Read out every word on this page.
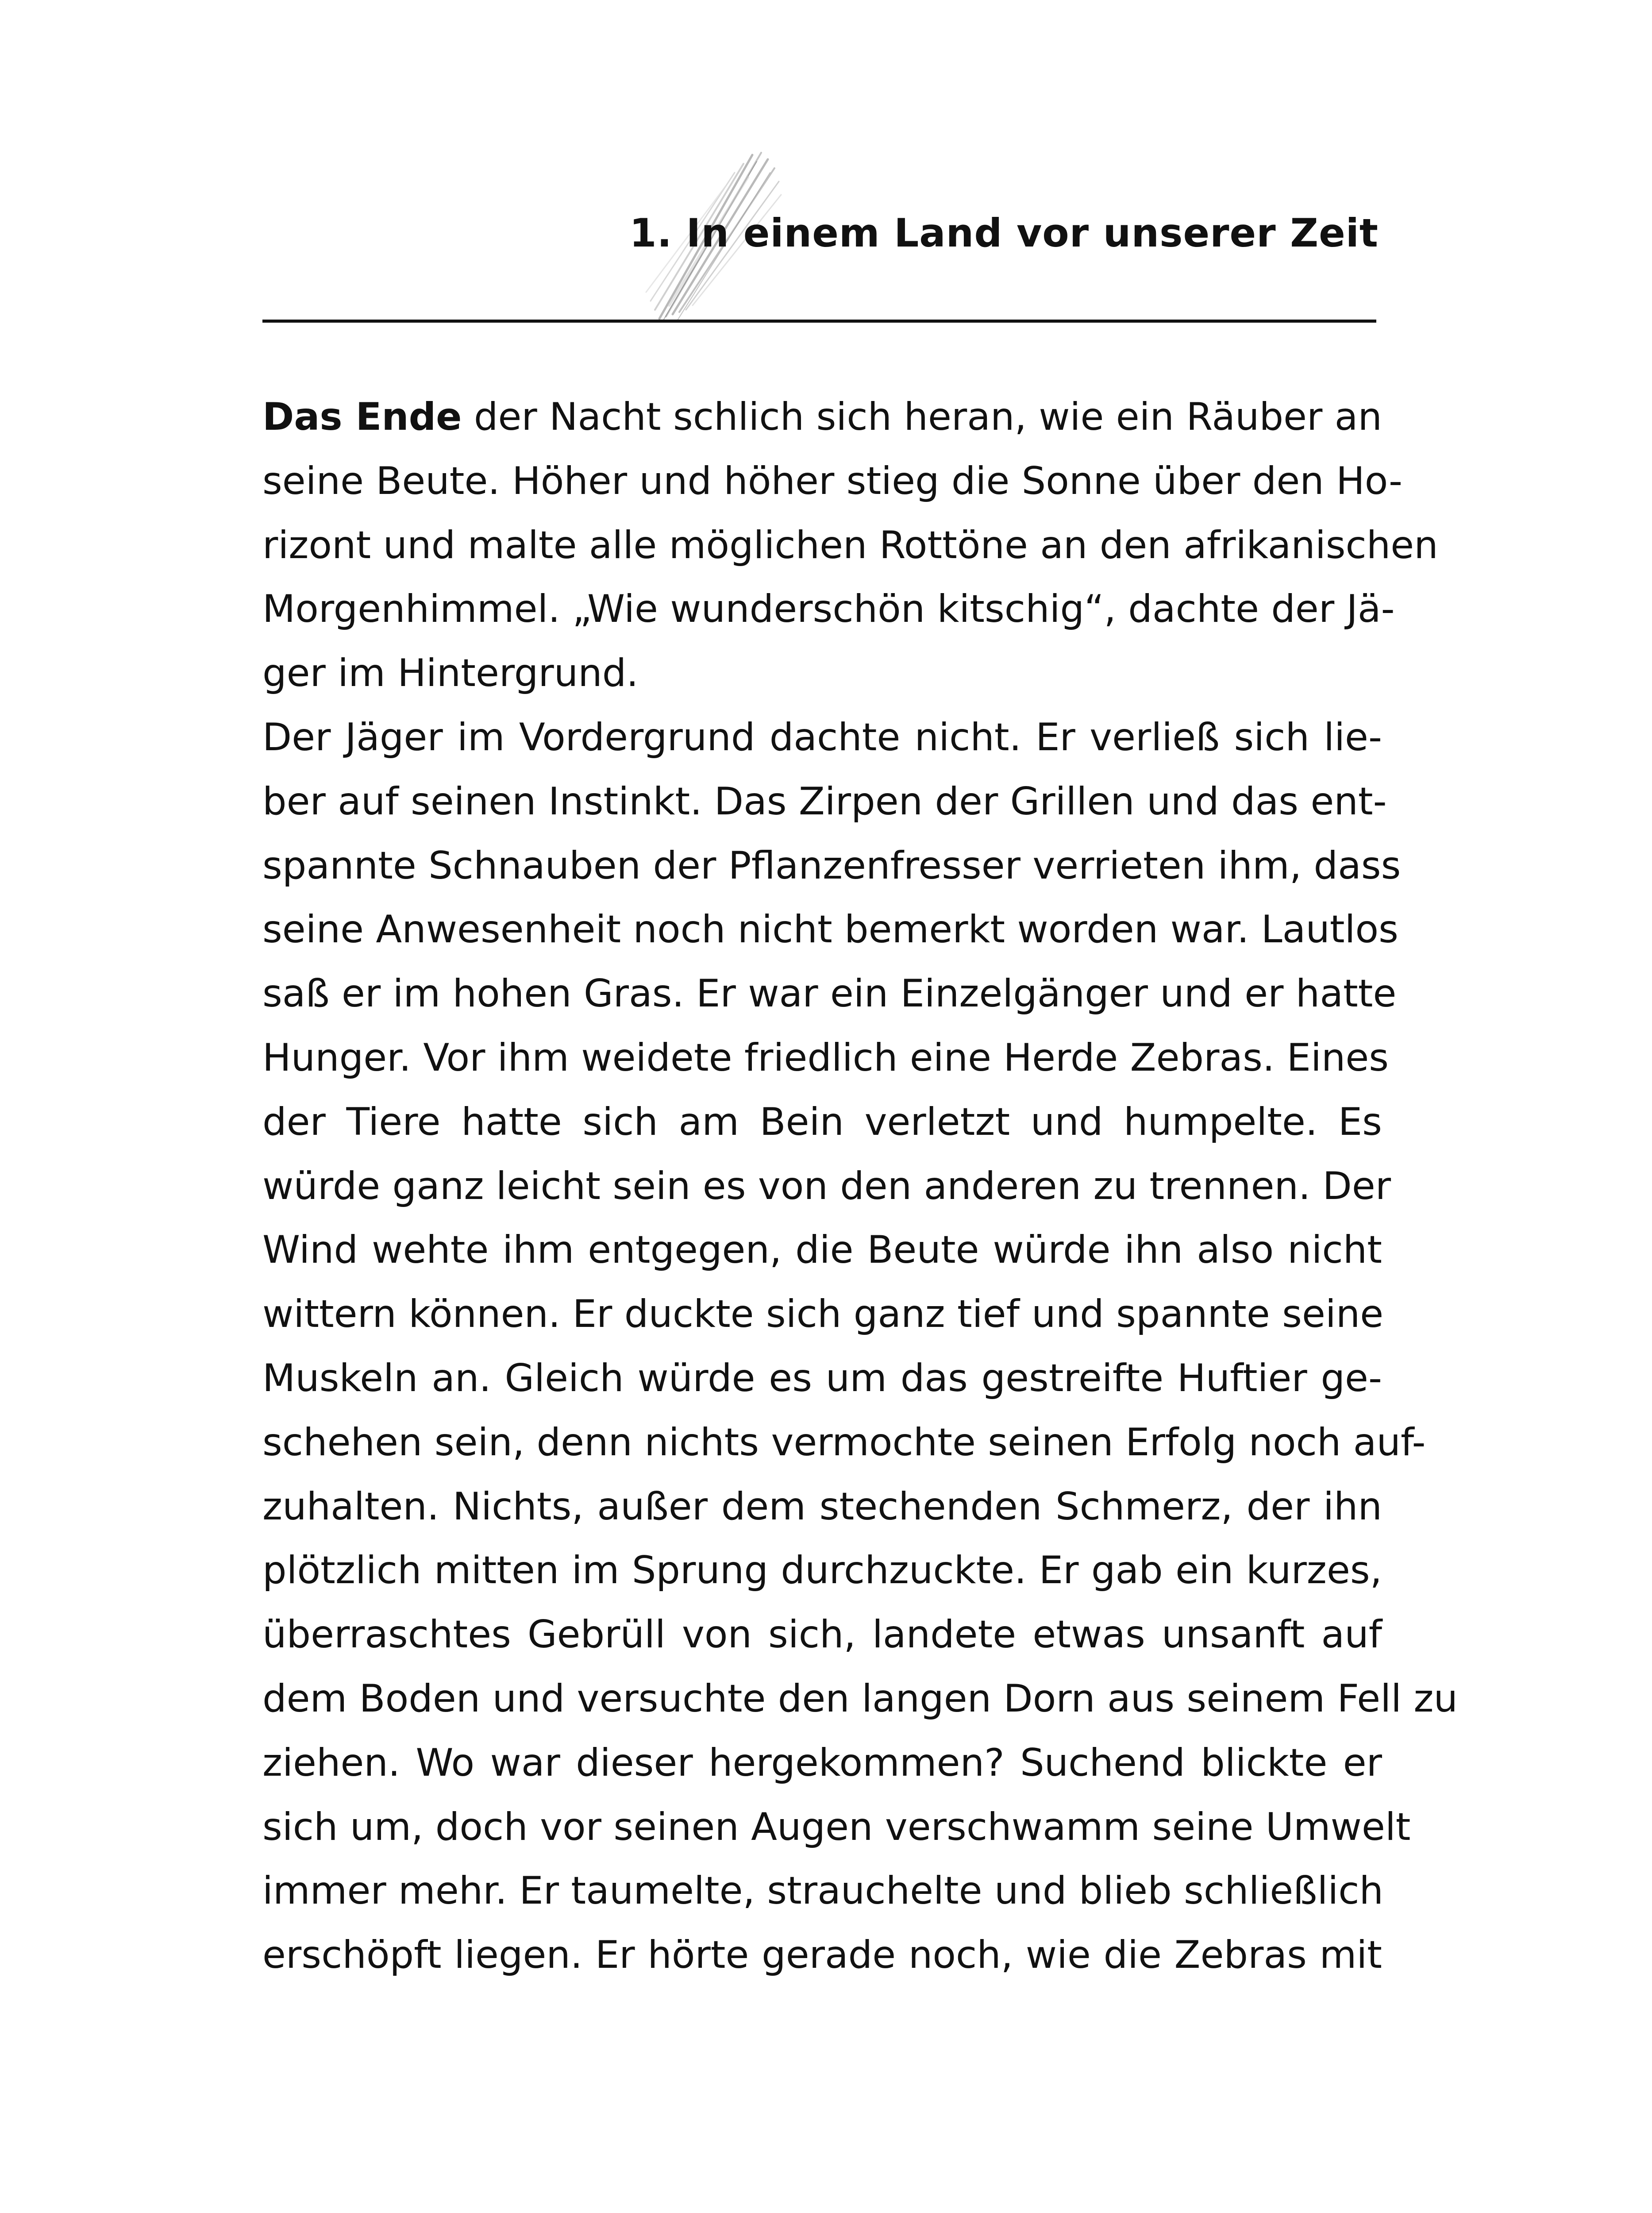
1. In einem Land vor unserer Zeit
Das Ende der Nacht schlich sich heran, wie ein Räuber an
seine Beute. Höher und höher stieg die Sonne über den Ho-
rizont und malte alle möglichen Rottöne an den afrikanischen
Morgenhimmel. „Wie wunderschön kitschig“, dachte der Jä-
ger im Hintergrund.
Der Jäger im Vordergrund dachte nicht. Er verließ sich lie-
ber auf seinen Instinkt. Das Zirpen der Grillen und das ent-
spannte Schnauben der Pflanzenfresser verrieten ihm, dass
seine Anwesenheit noch nicht bemerkt worden war. Lautlos
saß er im hohen Gras. Er war ein Einzelgänger und er hatte
Hunger. Vor ihm weidete friedlich eine Herde Zebras. Eines
der Tiere hatte sich am Bein verletzt und humpelte. Es
würde ganz leicht sein es von den anderen zu trennen. Der
Wind wehte ihm entgegen, die Beute würde ihn also nicht
wittern können. Er duckte sich ganz tief und spannte seine
Muskeln an. Gleich würde es um das gestreifte Huftier ge-
schehen sein, denn nichts vermochte seinen Erfolg noch auf-
zuhalten. Nichts, außer dem stechenden Schmerz, der ihn
plötzlich mitten im Sprung durchzuckte. Er gab ein kurzes,
überraschtes Gebrüll von sich, landete etwas unsanft auf
dem Boden und versuchte den langen Dorn aus seinem Fell zu
ziehen. Wo war dieser hergekommen? Suchend blickte er
sich um, doch vor seinen Augen verschwamm seine Umwelt
immer mehr. Er taumelte, strauchelte und blieb schließlich
erschöpft liegen. Er hörte gerade noch, wie die Zebras mit
